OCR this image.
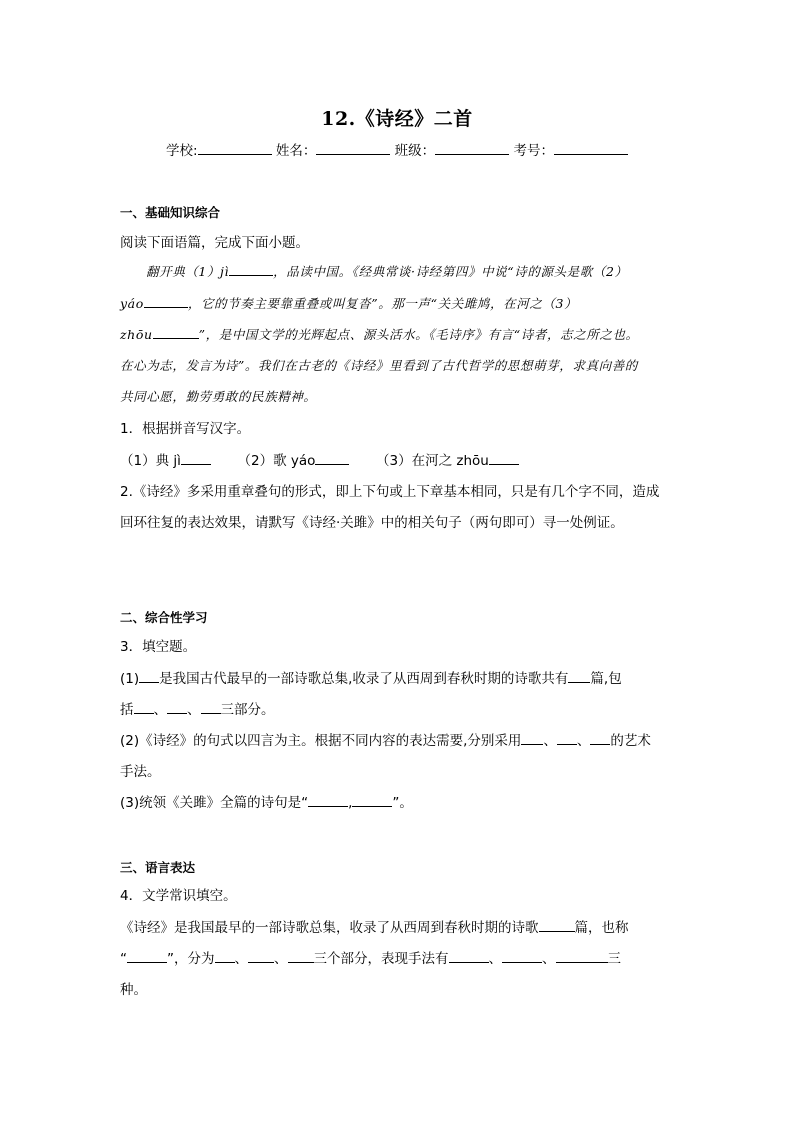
12.《诗经》二首
学校:	姓名：	班级：	考号：
一、基础知识综合
阅读下面语篇，完成下面小题。
翻开典（1）jì	，品读中国。《经典常谈·诗经第四》中说“诗的源头是歌（2）
yáo	，它的节奏主要靠重叠或叫复沓”。那一声“关关雎鸠，在河之（3）
zhōu	”，是中国文学的光辉起点、源头活水。《毛诗序》有言“诗者，志之所之也。
在心为志，发言为诗”。我们在古老的《诗经》里看到了古代哲学的思想萌芽，求真向善的
共同心愿，勤劳勇敢的民族精神。
1．根据拼音写汉字。
（1）典 jì	（2）歌 yáo	（3）在河之 zhōu
2.《诗经》多采用重章叠句的形式，即上下句或上下章基本相同，只是有几个字不同，造成
回环往复的表达效果，请默写《诗经·关雎》中的相关句子（两句即可）寻一处例证。
二、综合性学习
3．填空题。
(1) 是我国古代最早的一部诗歌总集,收录了从西周到春秋时期的诗歌共有 篇,包
括 、 、 三部分。
(2)《诗经》的句式以四言为主。根据不同内容的表达需要,分别采用 、 、 的艺术
手法。
(3)统领《关雎》全篇的诗句是“	,	”。
三、语言表达
4．文学常识填空。
《诗经》是我国最早的一部诗歌总集，收录了从西周到春秋时期的诗歌	篇，也称
“	”，分为 、 、 三个部分，表现手法有	、	、	三
种。
